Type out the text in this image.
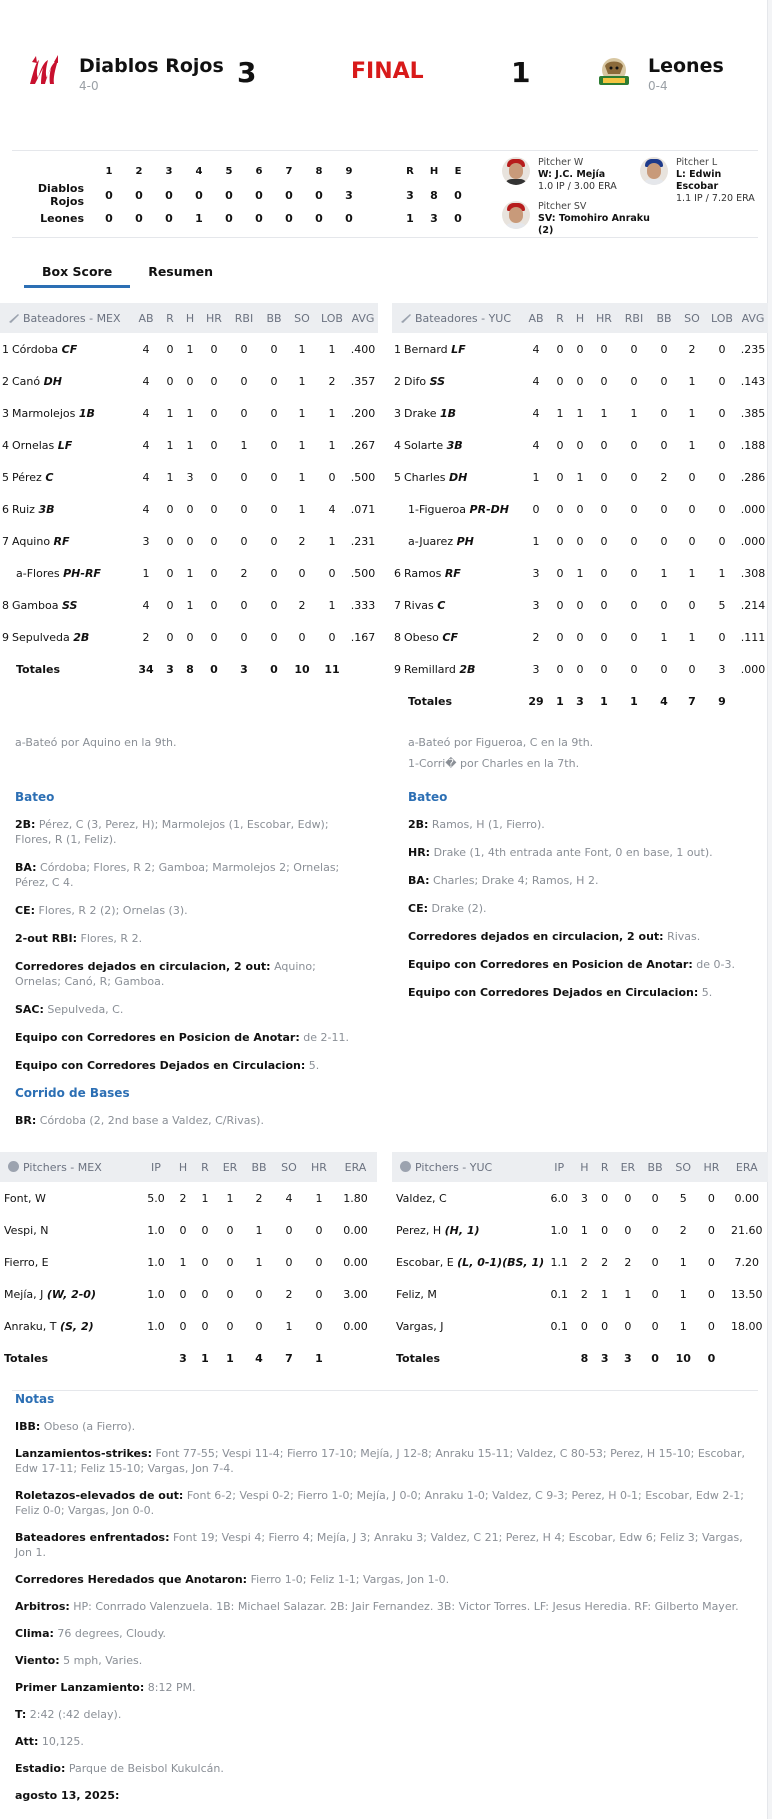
Diablos Rojos
4-0	3	FINAL	1	Leones
0-4
	1	2	3	4	5	6	7	8	9		R	H	E
Diablos Rojos	0	0	0	0	0	0	0	0	3		3	8	0
Leones	0	0	0	1	0	0	0	0	0		1	3	0
Pitcher W
W: J.C. Mejía
1.0 IP / 3.00 ERA
Pitcher L
L: Edwin Escobar
1.1 IP / 7.20 ERA
Pitcher SV
SV: Tomohiro Anraku
(2)
Box Score	Resumen
Bateadores - MEX	AB	R	H	HR	RBI	BB	SO	LOB	AVG
1 Córdoba CF	4	0	1	0	0	0	1	1	.400
2 Canó DH	4	0	0	0	0	0	1	2	.357
3 Marmolejos 1B	4	1	1	0	0	0	1	1	.200
4 Ornelas LF	4	1	1	0	1	0	1	1	.267
5 Pérez C	4	1	3	0	0	0	1	0	.500
6 Ruiz 3B	4	0	0	0	0	0	1	4	.071
7 Aquino RF	3	0	0	0	0	0	2	1	.231
a-Flores PH-RF	1	0	1	0	2	0	0	0	.500
8 Gamboa SS	4	0	1	0	0	0	2	1	.333
9 Sepulveda 2B	2	0	0	0	0	0	0	0	.167
Totales	34	3	8	0	3	0	10	11	
Bateadores - YUC	AB	R	H	HR	RBI	BB	SO	LOB	AVG
1 Bernard LF	4	0	0	0	0	0	2	0	.235
2 Difo SS	4	0	0	0	0	0	1	0	.143
3 Drake 1B	4	1	1	1	1	0	1	0	.385
4 Solarte 3B	4	0	0	0	0	0	1	0	.188
5 Charles DH	1	0	1	0	0	2	0	0	.286
1-Figueroa PR-DH	0	0	0	0	0	0	0	0	.000
a-Juarez PH	1	0	0	0	0	0	0	0	.000
6 Ramos RF	3	0	1	0	0	1	1	1	.308
7 Rivas C	3	0	0	0	0	0	0	5	.214
8 Obeso CF	2	0	0	0	0	1	1	0	.111
9 Remillard 2B	3	0	0	0	0	0	0	3	.000
Totales	29	1	3	1	1	4	7	9	
a-Bateó por Aquino en la 9th.
Bateo
2B: Pérez, C (3, Perez, H); Marmolejos (1, Escobar, Edw); Flores, R (1, Feliz).
BA: Córdoba; Flores, R 2; Gamboa; Marmolejos 2; Ornelas; Pérez, C 4.
CE: Flores, R 2 (2); Ornelas (3).
2-out RBI: Flores, R 2.
Corredores dejados en circulacion, 2 out: Aquino; Ornelas; Canó, R; Gamboa.
SAC: Sepulveda, C.
Equipo con Corredores en Posicion de Anotar: de 2-11.
Equipo con Corredores Dejados en Circulacion: 5.
Corrido de Bases
BR: Córdoba (2, 2nd base a Valdez, C/Rivas).
a-Bateó por Figueroa, C en la 9th.
1-Corri� por Charles en la 7th.
Bateo
2B: Ramos, H (1, Fierro).
HR: Drake (1, 4th entrada ante Font, 0 en base, 1 out).
BA: Charles; Drake 4; Ramos, H 2.
CE: Drake (2).
Corredores dejados en circulacion, 2 out: Rivas.
Equipo con Corredores en Posicion de Anotar: de 0-3.
Equipo con Corredores Dejados en Circulacion: 5.
Pitchers - MEX	IP	H	R	ER	BB	SO	HR	ERA
Font, W	5.0	2	1	1	2	4	1	1.80
Vespi, N	1.0	0	0	0	1	0	0	0.00
Fierro, E	1.0	1	0	0	1	0	0	0.00
Mejía, J (W, 2-0)	1.0	0	0	0	0	2	0	3.00
Anraku, T (S, 2)	1.0	0	0	0	0	1	0	0.00
Totales		3	1	1	4	7	1	
Pitchers - YUC	IP	H	R	ER	BB	SO	HR	ERA
Valdez, C	6.0	3	0	0	0	5	0	0.00
Perez, H (H, 1)	1.0	1	0	0	0	2	0	21.60
Escobar, E (L, 0-1)(BS, 1)	1.1	2	2	2	0	1	0	7.20
Feliz, M	0.1	2	1	1	0	1	0	13.50
Vargas, J	0.1	0	0	0	0	1	0	18.00
Totales		8	3	3	0	10	0	
Notas
IBB: Obeso (a Fierro).
Lanzamientos-strikes: Font 77-55; Vespi 11-4; Fierro 17-10; Mejía, J 12-8; Anraku 15-11; Valdez, C 80-53; Perez, H 15-10; Escobar, Edw 17-11; Feliz 15-10; Vargas, Jon 7-4.
Roletazos-elevados de out: Font 6-2; Vespi 0-2; Fierro 1-0; Mejía, J 0-0; Anraku 1-0; Valdez, C 9-3; Perez, H 0-1; Escobar, Edw 2-1; Feliz 0-0; Vargas, Jon 0-0.
Bateadores enfrentados: Font 19; Vespi 4; Fierro 4; Mejía, J 3; Anraku 3; Valdez, C 21; Perez, H 4; Escobar, Edw 6; Feliz 3; Vargas, Jon 1.
Corredores Heredados que Anotaron: Fierro 1-0; Feliz 1-1; Vargas, Jon 1-0.
Arbitros: HP: Conrrado Valenzuela. 1B: Michael Salazar. 2B: Jair Fernandez. 3B: Victor Torres. LF: Jesus Heredia. RF: Gilberto Mayer.
Clima: 76 degrees, Cloudy.
Viento: 5 mph, Varies.
Primer Lanzamiento: 8:12 PM.
T: 2:42 (:42 delay).
Att: 10,125.
Estadio: Parque de Beisbol Kukulcán.
agosto 13, 2025:
